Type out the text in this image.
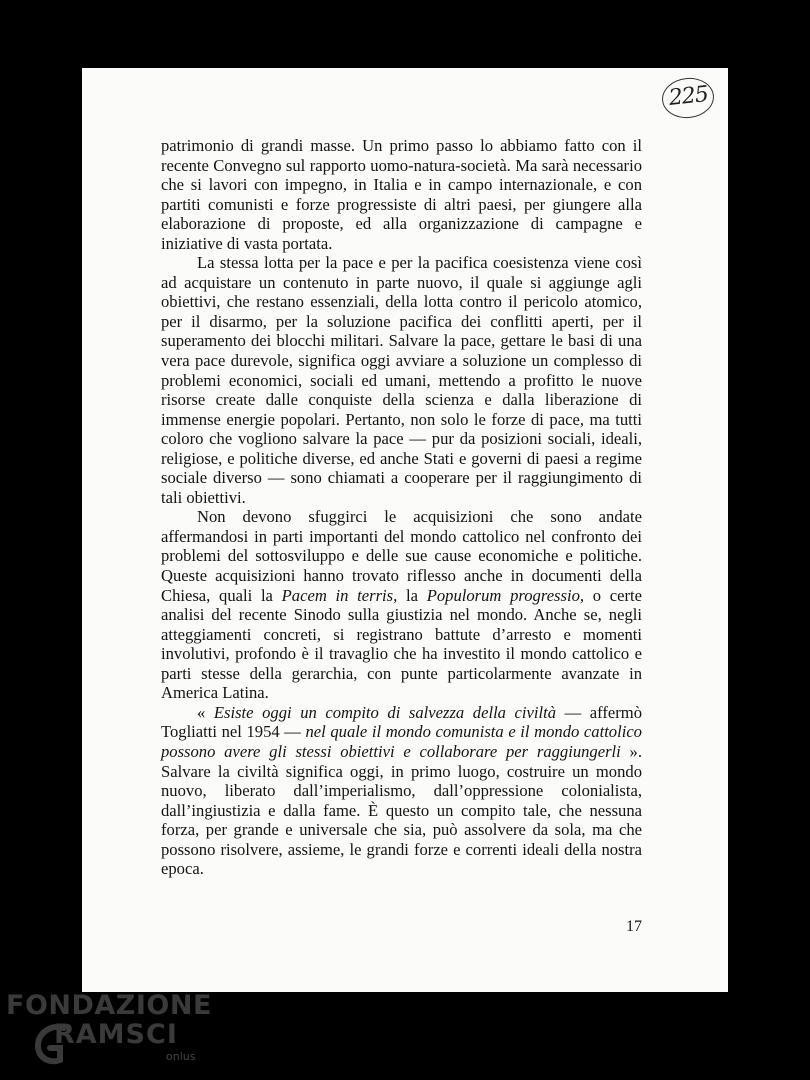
225

patrimonio di grandi masse. Un primo passo lo abbiamo fatto con il recente Convegno sul rapporto uomo-natura-società. Ma sarà necessario che si lavori con impegno, in Italia e in campo internazionale, e con partiti comunisti e forze progressiste di altri paesi, per giungere alla elaborazione di proposte, ed alla organizzazione di campagne e iniziative di vasta portata.

La stessa lotta per la pace e per la pacifica coesistenza viene così ad acquistare un contenuto in parte nuovo, il quale si aggiunge agli obiettivi, che restano essenziali, della lotta contro il pericolo atomico, per il disarmo, per la soluzione pacifica dei conflitti aperti, per il superamento dei blocchi militari. Salvare la pace, gettare le basi di una vera pace durevole, significa oggi avviare a soluzione un complesso di problemi economici, sociali ed umani, mettendo a profitto le nuove risorse create dalle conquiste della scienza e dalla liberazione di immense energie popolari. Pertanto, non solo le forze di pace, ma tutti coloro che vogliono salvare la pace — pur da posizioni sociali, ideali, religiose, e politiche diverse, ed anche Stati e governi di paesi a regime sociale diverso — sono chiamati a cooperare per il raggiungimento di tali obiettivi.

Non devono sfuggirci le acquisizioni che sono andate affermandosi in parti importanti del mondo cattolico nel confronto dei problemi del sottosviluppo e delle sue cause economiche e politiche. Queste acquisizioni hanno trovato riflesso anche in documenti della Chiesa, quali la Pacem in terris, la Populorum progressio, o certe analisi del recente Sinodo sulla giustizia nel mondo. Anche se, negli atteggiamenti concreti, si registrano battute d’arresto e momenti involutivi, profondo è il travaglio che ha investito il mondo cattolico e parti stesse della gerarchia, con punte particolarmente avanzate in America Latina.

« Esiste oggi un compito di salvezza della civiltà — affermò Togliatti nel 1954 — nel quale il mondo comunista e il mondo cattolico possono avere gli stessi obiettivi e collaborare per raggiungerli ». Salvare la civiltà significa oggi, in primo luogo, costruire un mondo nuovo, liberato dall’imperialismo, dall’oppressione colonialista, dall’ingiustizia e dalla fame. È questo un compito tale, che nessuna forza, per grande e universale che sia, può assolvere da sola, ma che possono risolvere, assieme, le grandi forze e correnti ideali della nostra epoca.

17
FONDAZIONE
RAMSCI
onlus
